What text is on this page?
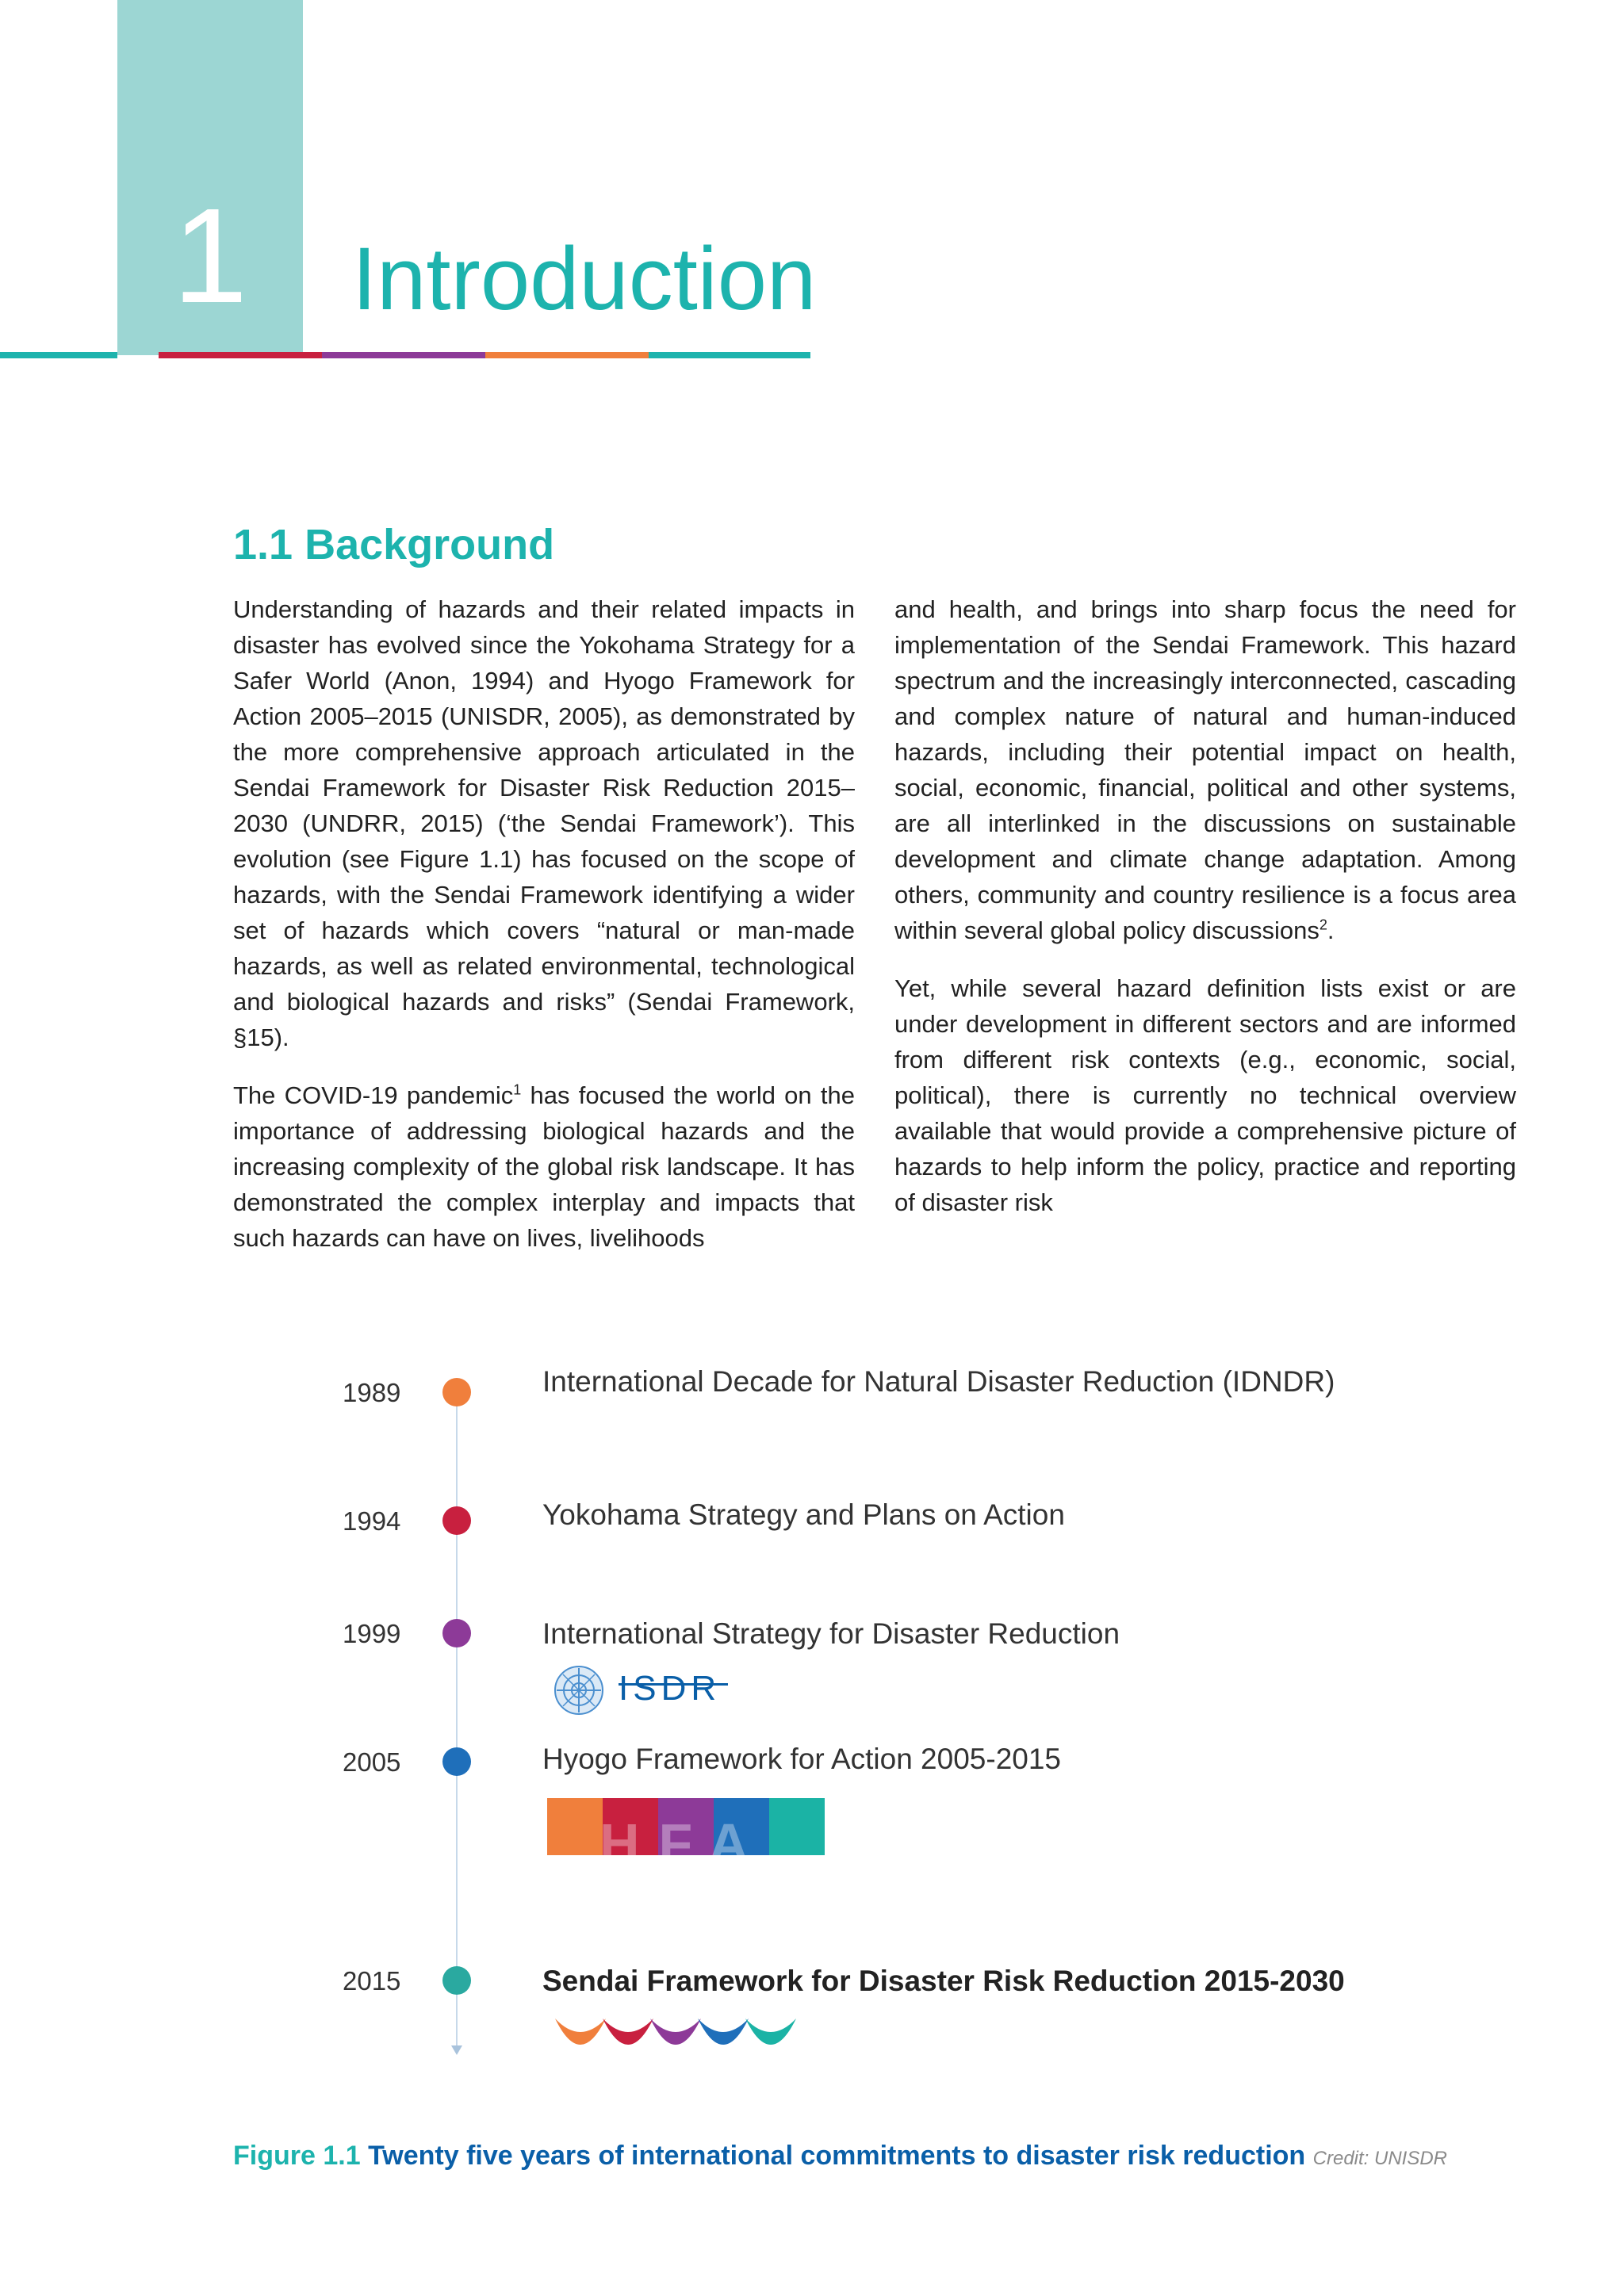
1	Introduction
1.1 Background

Understanding of hazards and their related impacts in disaster has evolved since the Yokohama Strategy for a Safer World (Anon, 1994) and Hyogo Framework for Action 2005–2015 (UNISDR, 2005), as demonstrated by the more comprehensive approach articulated in the Sendai Framework for Disaster Risk Reduction 2015–2030 (UNDRR, 2015) (‘the Sendai Framework’). This evolution (see Figure 1.1) has focused on the scope of hazards, with the Sendai Framework identifying a wider set of hazards which covers “natural or man-made hazards, as well as related environmental, technological and biological hazards and risks” (Sendai Framework, §15).

The COVID-19 pandemic$^1$ has focused the world on the importance of addressing biological hazards and the increasing complexity of the global risk landscape. It has demonstrated the complex interplay and impacts that such hazards can have on lives, livelihoods

and health, and brings into sharp focus the need for implementation of the Sendai Framework. This hazard spectrum and the increasingly interconnected, cascading and complex nature of natural and human-induced hazards, including their potential impact on health, social, economic, financial, political and other systems, are all interlinked in the discussions on sustainable development and climate change adaptation. Among others, community and country resilience is a focus area within several global policy discussions$^2$.

Yet, while several hazard definition lists exist or are under development in different sectors and are informed from different risk contexts (e.g., economic, social, political), there is currently no technical overview available that would provide a comprehensive picture of hazards to help inform the policy, practice and reporting of disaster risk

1989	International Decade for Natural Disaster Reduction (IDNDR)
1994	Yokohama Strategy and Plans on Action
1999	International Strategy for Disaster Reduction
2005	Hyogo Framework for Action 2005-2015
2015	Sendai Framework for Disaster Risk Reduction 2015-2030
ISDR
HFA
Figure 1.1 Twenty five years of international commitments to disaster risk reduction Credit: UNISDR
